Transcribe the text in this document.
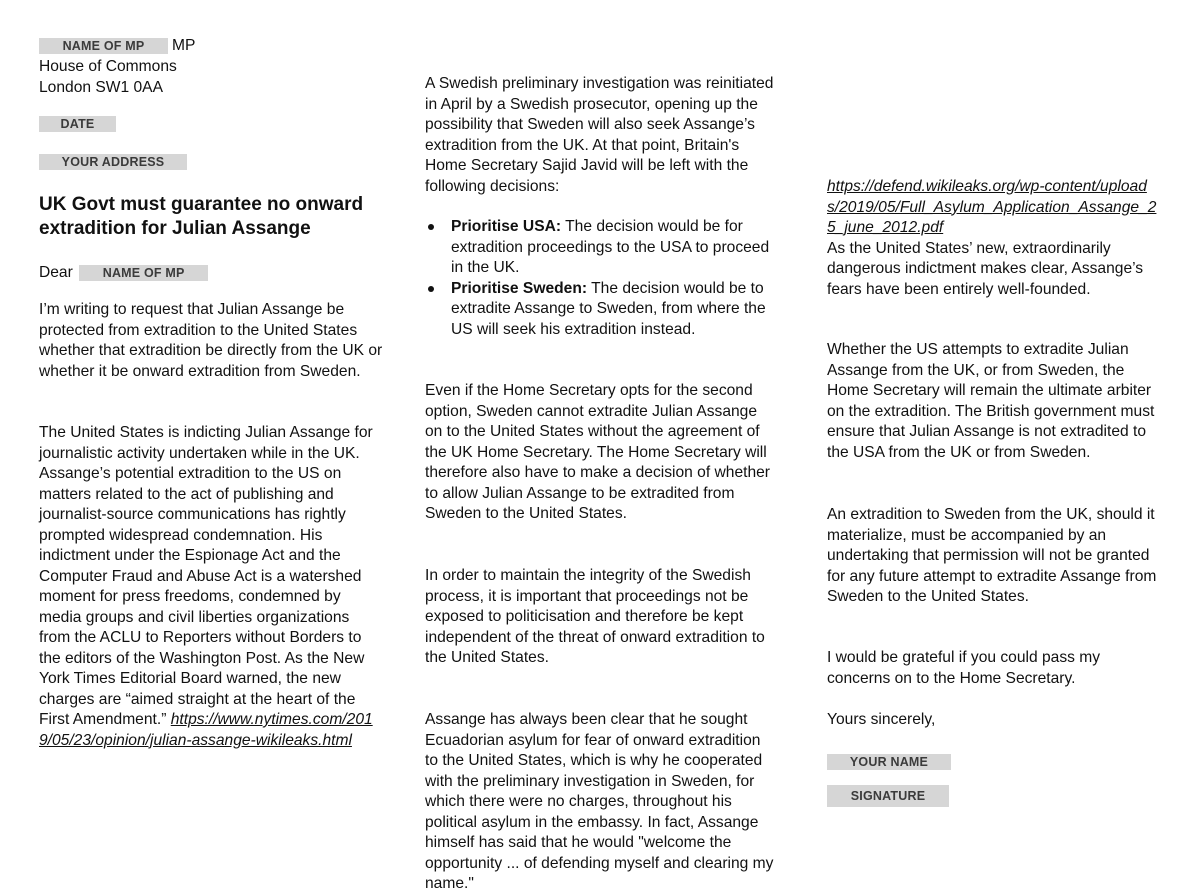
NAME OF MP MP
House of Commons
London SW1 0AA
DATE
YOUR ADDRESS
UK Govt must guarantee no onward extradition for Julian Assange
Dear NAME OF MP

I’m writing to request that Julian Assange be protected from extradition to the United States whether that extradition be directly from the UK or whether it be onward extradition from Sweden.

The United States is indicting Julian Assange for journalistic activity undertaken while in the UK. Assange’s potential extradition to the US on matters related to the act of publishing and journalist-source communications has rightly prompted widespread condemnation. His indictment under the Espionage Act and the Computer Fraud and Abuse Act is a watershed moment for press freedoms, condemned by media groups and civil liberties organizations from the ACLU to Reporters without Borders to the editors of the Washington Post. As the New York Times Editorial Board warned, the new charges are “aimed straight at the heart of the First Amendment.” https://www.nytimes.com/2019/05/23/opinion/julian-assange-wikileaks.html

A Swedish preliminary investigation was reinitiated in April by a Swedish prosecutor, opening up the possibility that Sweden will also seek Assange’s extradition from the UK. At that point, Britain's Home Secretary Sajid Javid will be left with the following decisions:

Prioritise USA: The decision would be for extradition proceedings to the USA to proceed in the UK.
Prioritise Sweden: The decision would be to extradite Assange to Sweden, from where the US will seek his extradition instead.

Even if the Home Secretary opts for the second option, Sweden cannot extradite Julian Assange on to the United States without the agreement of the UK Home Secretary. The Home Secretary will therefore also have to make a decision of whether to allow Julian Assange to be extradited from Sweden to the United States.

In order to maintain the integrity of the Swedish process, it is important that proceedings not be exposed to politicisation and therefore be kept independent of the threat of onward extradition to the United States.

Assange has always been clear that he sought Ecuadorian asylum for fear of onward extradition to the United States, which is why he cooperated with the preliminary investigation in Sweden, for which there were no charges, throughout his political asylum in the embassy. In fact, Assange himself has said that he would "welcome the opportunity ... of defending myself and clearing my name."

https://defend.wikileaks.org/wp-content/uploads/2019/05/Full_Asylum_Application_Assange_25_june_2012.pdf
As the United States’ new, extraordinarily dangerous indictment makes clear, Assange’s fears have been entirely well-founded.

Whether the US attempts to extradite Julian Assange from the UK, or from Sweden, the Home Secretary will remain the ultimate arbiter on the extradition. The British government must ensure that Julian Assange is not extradited to the USA from the UK or from Sweden.

An extradition to Sweden from the UK, should it materialize, must be accompanied by an undertaking that permission will not be granted for any future attempt to extradite Assange from Sweden to the United States.

I would be grateful if you could pass my concerns on to the Home Secretary.

Yours sincerely,
YOUR NAME
SIGNATURE
